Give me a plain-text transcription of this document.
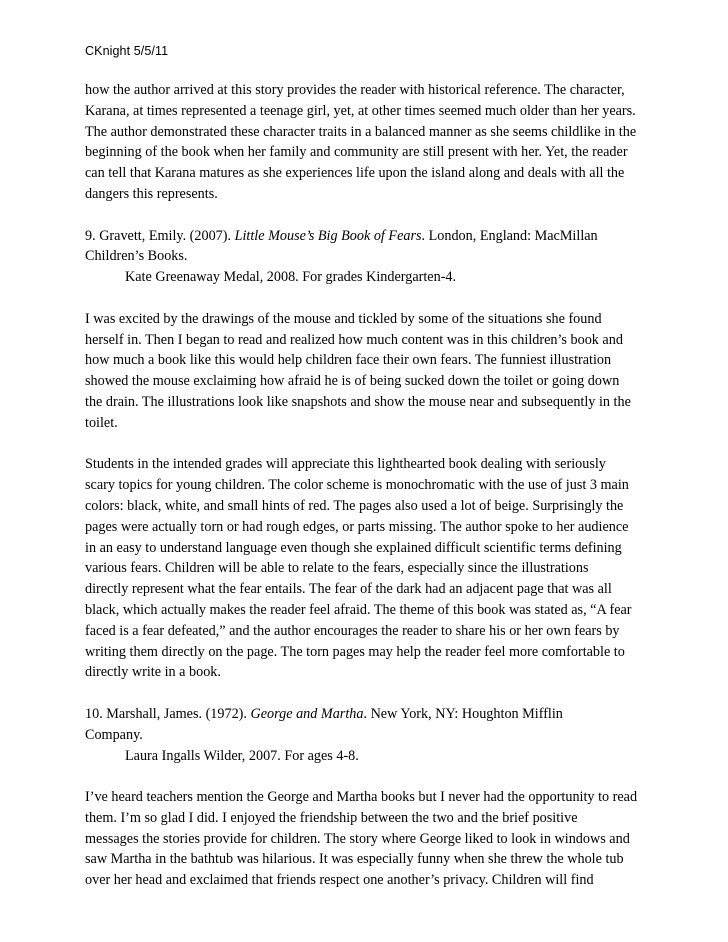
CKnight 5/5/11
how the author arrived at this story provides the reader with historical reference. The character,
Karana, at times represented a teenage girl, yet, at other times seemed much older than her years.
The author demonstrated these character traits in a balanced manner as she seems childlike in the
beginning of the book when her family and community are still present with her. Yet, the reader
can tell that Karana matures as she experiences life upon the island along and deals with all the
dangers this represents.
9. Gravett, Emily. (2007). Little Mouse’s Big Book of Fears. London, England: MacMillan
Children’s Books.
Kate Greenaway Medal, 2008. For grades Kindergarten-4.
I was excited by the drawings of the mouse and tickled by some of the situations she found
herself in. Then I began to read and realized how much content was in this children’s book and
how much a book like this would help children face their own fears. The funniest illustration
showed the mouse exclaiming how afraid he is of being sucked down the toilet or going down
the drain. The illustrations look like snapshots and show the mouse near and subsequently in the
toilet.
Students in the intended grades will appreciate this lighthearted book dealing with seriously
scary topics for young children. The color scheme is monochromatic with the use of just 3 main
colors: black, white, and small hints of red. The pages also used a lot of beige. Surprisingly the
pages were actually torn or had rough edges, or parts missing. The author spoke to her audience
in an easy to understand language even though she explained difficult scientific terms defining
various fears. Children will be able to relate to the fears, especially since the illustrations
directly represent what the fear entails. The fear of the dark had an adjacent page that was all
black, which actually makes the reader feel afraid. The theme of this book was stated as, “A fear
faced is a fear defeated,” and the author encourages the reader to share his or her own fears by
writing them directly on the page. The torn pages may help the reader feel more comfortable to
directly write in a book.
10. Marshall, James. (1972). George and Martha. New York, NY: Houghton Mifflin
Company.
Laura Ingalls Wilder, 2007. For ages 4-8.
I’ve heard teachers mention the George and Martha books but I never had the opportunity to read
them. I’m so glad I did. I enjoyed the friendship between the two and the brief positive
messages the stories provide for children. The story where George liked to look in windows and
saw Martha in the bathtub was hilarious. It was especially funny when she threw the whole tub
over her head and exclaimed that friends respect one another’s privacy. Children will find
